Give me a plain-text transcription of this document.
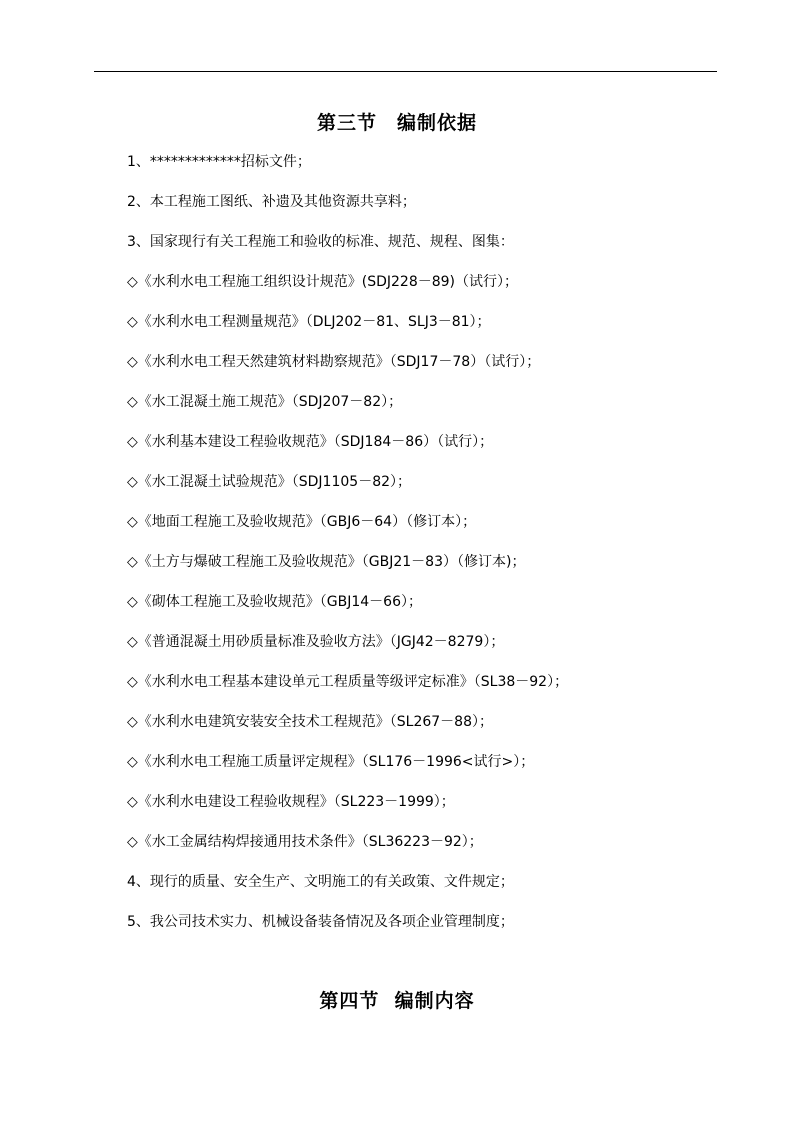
第三节　编制依据
1、*************招标文件；
2、本工程施工图纸、补遗及其他资源共享料；
3、国家现行有关工程施工和验收的标准、规范、规程、图集：
◇《水利水电工程施工组织设计规范》(SDJ228－89)（试行）；
◇《水利水电工程测量规范》（DLJ202－81、SLJ3－81）；
◇《水利水电工程天然建筑材料勘察规范》（SDJ17－78）（试行）；
◇《水工混凝土施工规范》（SDJ207－82）；
◇《水利基本建设工程验收规范》（SDJ184－86）（试行）；
◇《水工混凝土试验规范》（SDJ1105－82）；
◇《地面工程施工及验收规范》（GBJ6－64）（修订本）；
◇《土方与爆破工程施工及验收规范》（GBJ21－83）（修订本)；
◇《砌体工程施工及验收规范》（GBJ14－66）；
◇《普通混凝土用砂质量标准及验收方法》（JGJ42－8279）；
◇《水利水电工程基本建设单元工程质量等级评定标准》（SL38－92）；
◇《水利水电建筑安装安全技术工程规范》（SL267－88）；
◇《水利水电工程施工质量评定规程》（SL176－1996<试行>）；
◇《水利水电建设工程验收规程》（SL223－1999）；
◇《水工金属结构焊接通用技术条件》（SL36223－92）；
4、现行的质量、安全生产、文明施工的有关政策、文件规定；
5、我公司技术实力、机械设备装备情况及各项企业管理制度；
第四节  编制内容
